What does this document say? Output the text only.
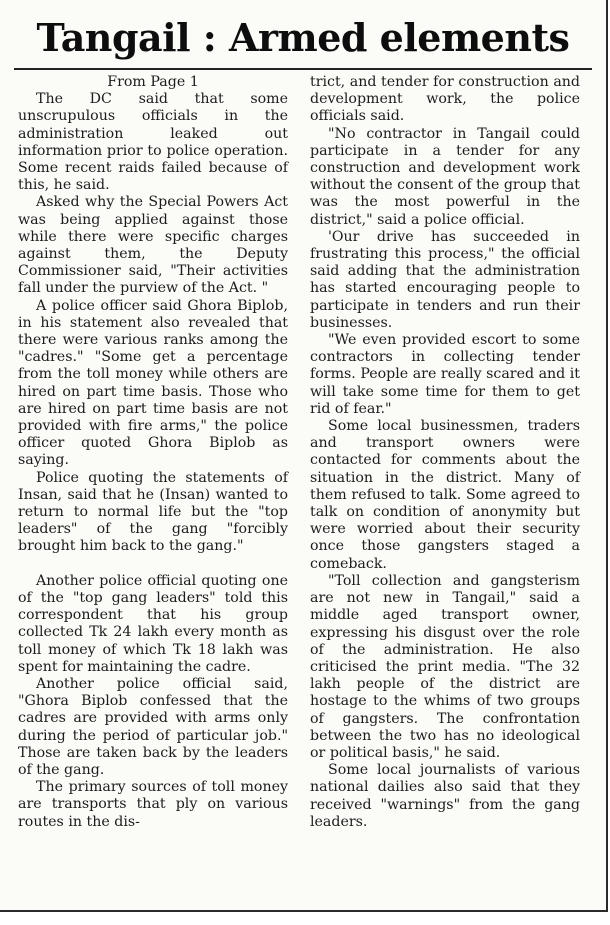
Tangail : Armed elements
From Page 1

The DC said that some unscrupulous officials in the administration leaked out information prior to police operation. Some recent raids failed because of this, he said.

Asked why the Special Powers Act was being applied against those while there were specific charges against them, the Deputy Commissioner said, "Their activities fall under the purview of the Act. "

A police officer said Ghora Biplob, in his statement also revealed that there were various ranks among the "cadres." "Some get a percentage from the toll money while others are hired on part time basis. Those who are hired on part time basis are not provided with fire arms," the police officer quoted Ghora Biplob as saying.

Police quoting the statements of Insan, said that he (Insan) wanted to return to normal life but the "top leaders" of the gang "forcibly brought him back to the gang."

Another police official quoting one of the "top gang leaders" told this correspondent that his group collected Tk 24 lakh every month as toll money of which Tk 18 lakh was spent for maintaining the cadre.

Another police official said, "Ghora Biplob confessed that the cadres are provided with arms only during the period of particular job." Those are taken back by the leaders of the gang.

The primary sources of toll money are transports that ply on various routes in the dis-

trict, and tender for construction and development work, the police officials said.

"No contractor in Tangail could participate in a tender for any construction and development work without the consent of the group that was the most powerful in the district," said a police official.

'Our drive has succeeded in frustrating this process," the official said adding that the administration has started encouraging people to participate in tenders and run their businesses.

"We even provided escort to some contractors in collecting tender forms. People are really scared and it will take some time for them to get rid of fear."

Some local businessmen, traders and transport owners were contacted for comments about the situation in the district. Many of them refused to talk. Some agreed to talk on condition of anonymity but were worried about their security once those gangsters staged a comeback.

"Toll collection and gangsterism are not new in Tangail," said a middle aged transport owner, expressing his disgust over the role of the administration. He also criticised the print media. "The 32 lakh people of the district are hostage to the whims of two groups of gangsters. The confrontation between the two has no ideological or political basis," he said.

Some local journalists of various national dailies also said that they received "warnings" from the gang leaders.
